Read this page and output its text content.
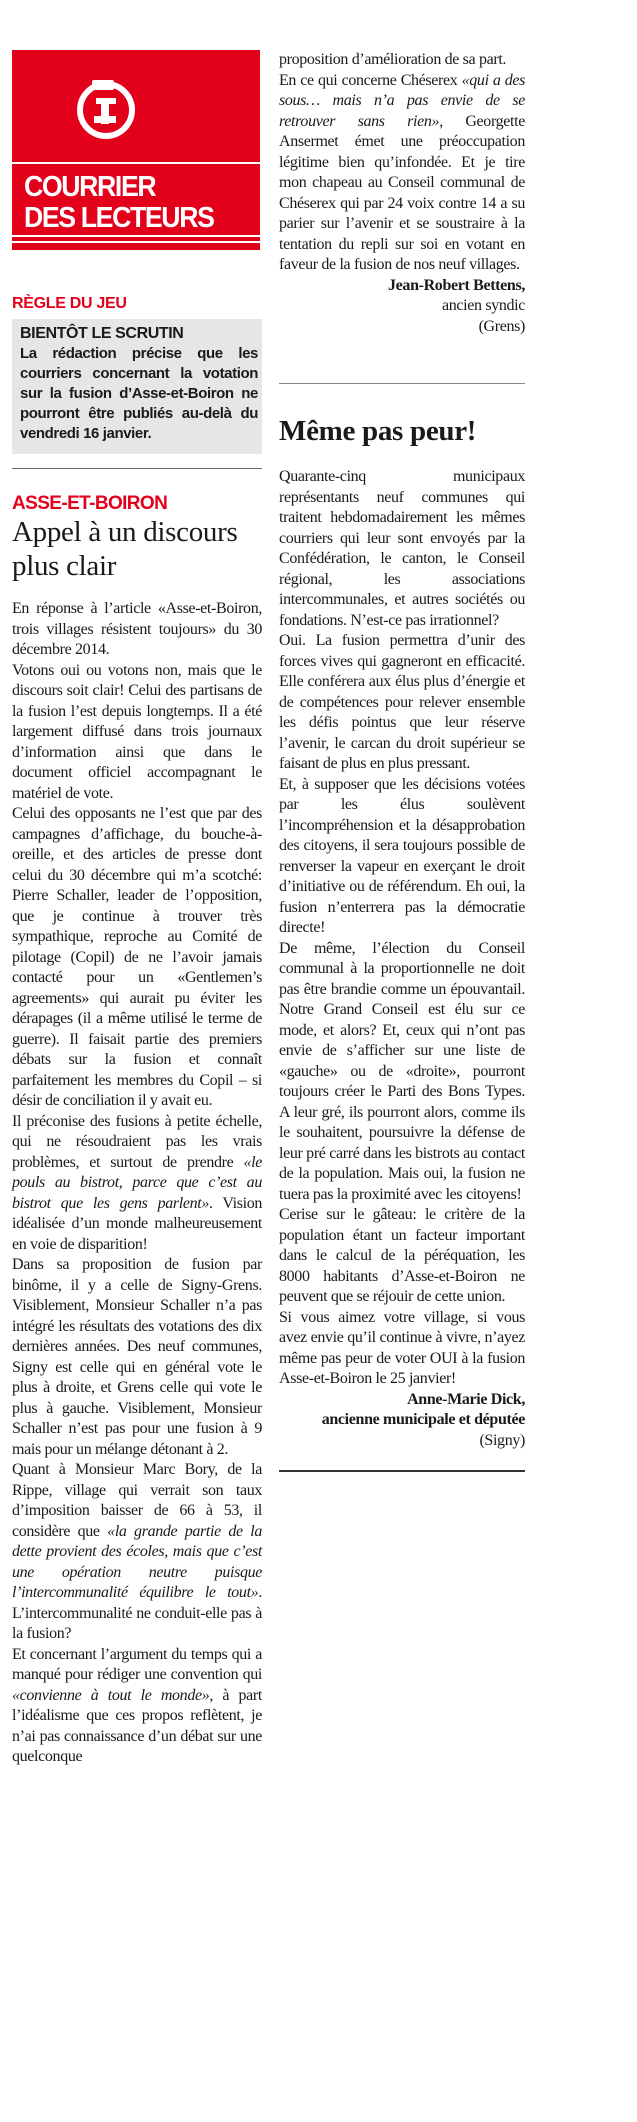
COURRIER
DES LECTEURS
RÈGLE DU JEU
BIENTÔT LE SCRUTIN
La rédaction précise que les courriers concernant la votation sur la fusion d’Asse-et-Boiron ne pourront être publiés au-delà du vendredi 16 janvier.
ASSE-ET-BOIRON
Appel à un discours plus clair

En réponse à l’article «Asse-et-Boiron, trois villages résistent toujours» du 30 décembre 2014.

Votons oui ou votons non, mais que le discours soit clair! Celui des partisans de la fusion l’est depuis longtemps. Il a été largement diffusé dans trois journaux d’information ainsi que dans le document officiel accompagnant le matériel de vote.

Celui des opposants ne l’est que par des campagnes d’affichage, du bouche-à-oreille, et des articles de presse dont celui du 30 décembre qui m’a scotché: Pierre Schaller, leader de l’opposition, que je continue à trouver très sympathique, reproche au Comité de pilotage (Copil) de ne l’avoir jamais contacté pour un «Gentlemen’s agreements» qui aurait pu éviter les dérapages (il a même utilisé le terme de guerre). Il faisait partie des premiers débats sur la fusion et connaît parfaitement les membres du Copil – si désir de conciliation il y avait eu.

Il préconise des fusions à petite échelle, qui ne résoudraient pas les vrais problèmes, et surtout de prendre «le pouls au bistrot, parce que c’est au bistrot que les gens parlent». Vision idéalisée d’un monde malheureusement en voie de disparition!

Dans sa proposition de fusion par binôme, il y a celle de Signy-Grens. Visiblement, Monsieur Schaller n’a pas intégré les résultats des votations des dix dernières années. Des neuf communes, Signy est celle qui en général vote le plus à droite, et Grens celle qui vote le plus à gauche. Visiblement, Monsieur Schaller n’est pas pour une fusion à 9 mais pour un mélange détonant à 2.

Quant à Monsieur Marc Bory, de la Rippe, village qui verrait son taux d’imposition baisser de 66 à 53, il considère que «la grande partie de la dette provient des écoles, mais que c’est une opération neutre puisque l’intercommunalité équilibre le tout». L’intercommunalité ne conduit-elle pas à la fusion?

Et concernant l’argument du temps qui a manqué pour rédiger une convention qui «convienne à tout le monde», à part l’idéalisme que ces propos reflètent, je n’ai pas connaissance d’un débat sur une quelconque

proposition d’amélioration de sa part.

En ce qui concerne Chéserex «qui a des sous… mais n’a pas envie de se retrouver sans rien», Georgette Ansermet émet une préoccupation légitime bien qu’infondée. Et je tire mon chapeau au Conseil communal de Chéserex qui par 24 voix contre 14 a su parier sur l’avenir et se soustraire à la tentation du repli sur soi en votant en faveur de la fusion de nos neuf villages.

Jean-Robert Bettens,
ancien syndic
(Grens)
Même pas peur!

Quarante-cinq municipaux représentants neuf communes qui traitent hebdomadairement les mêmes courriers qui leur sont envoyés par la Confédération, le canton, le Conseil régional, les associations intercommunales, et autres sociétés ou fondations. N’est-ce pas irrationnel?

Oui. La fusion permettra d’unir des forces vives qui gagneront en efficacité. Elle conférera aux élus plus d’énergie et de compétences pour relever ensemble les défis pointus que leur réserve l’avenir, le carcan du droit supérieur se faisant de plus en plus pressant.

Et, à supposer que les décisions votées par les élus soulèvent l’incompréhension et la désapprobation des citoyens, il sera toujours possible de renverser la vapeur en exerçant le droit d’initiative ou de référendum. Eh oui, la fusion n’enterrera pas la démocratie directe!

De même, l’élection du Conseil communal à la proportionnelle ne doit pas être brandie comme un épouvantail. Notre Grand Conseil est élu sur ce mode, et alors? Et, ceux qui n’ont pas envie de s’afficher sur une liste de «gauche» ou de «droite», pourront toujours créer le Parti des Bons Types. A leur gré, ils pourront alors, comme ils le souhaitent, poursuivre la défense de leur pré carré dans les bistrots au contact de la population. Mais oui, la fusion ne tuera pas la proximité avec les citoyens!

Cerise sur le gâteau: le critère de la population étant un facteur important dans le calcul de la péréquation, les 8000 habitants d’Asse-et-Boiron ne peuvent que se réjouir de cette union.

Si vous aimez votre village, si vous avez envie qu’il continue à vivre, n’ayez même pas peur de voter OUI à la fusion Asse-et-Boiron le 25 janvier!

Anne-Marie Dick,
ancienne municipale et députée
(Signy)
